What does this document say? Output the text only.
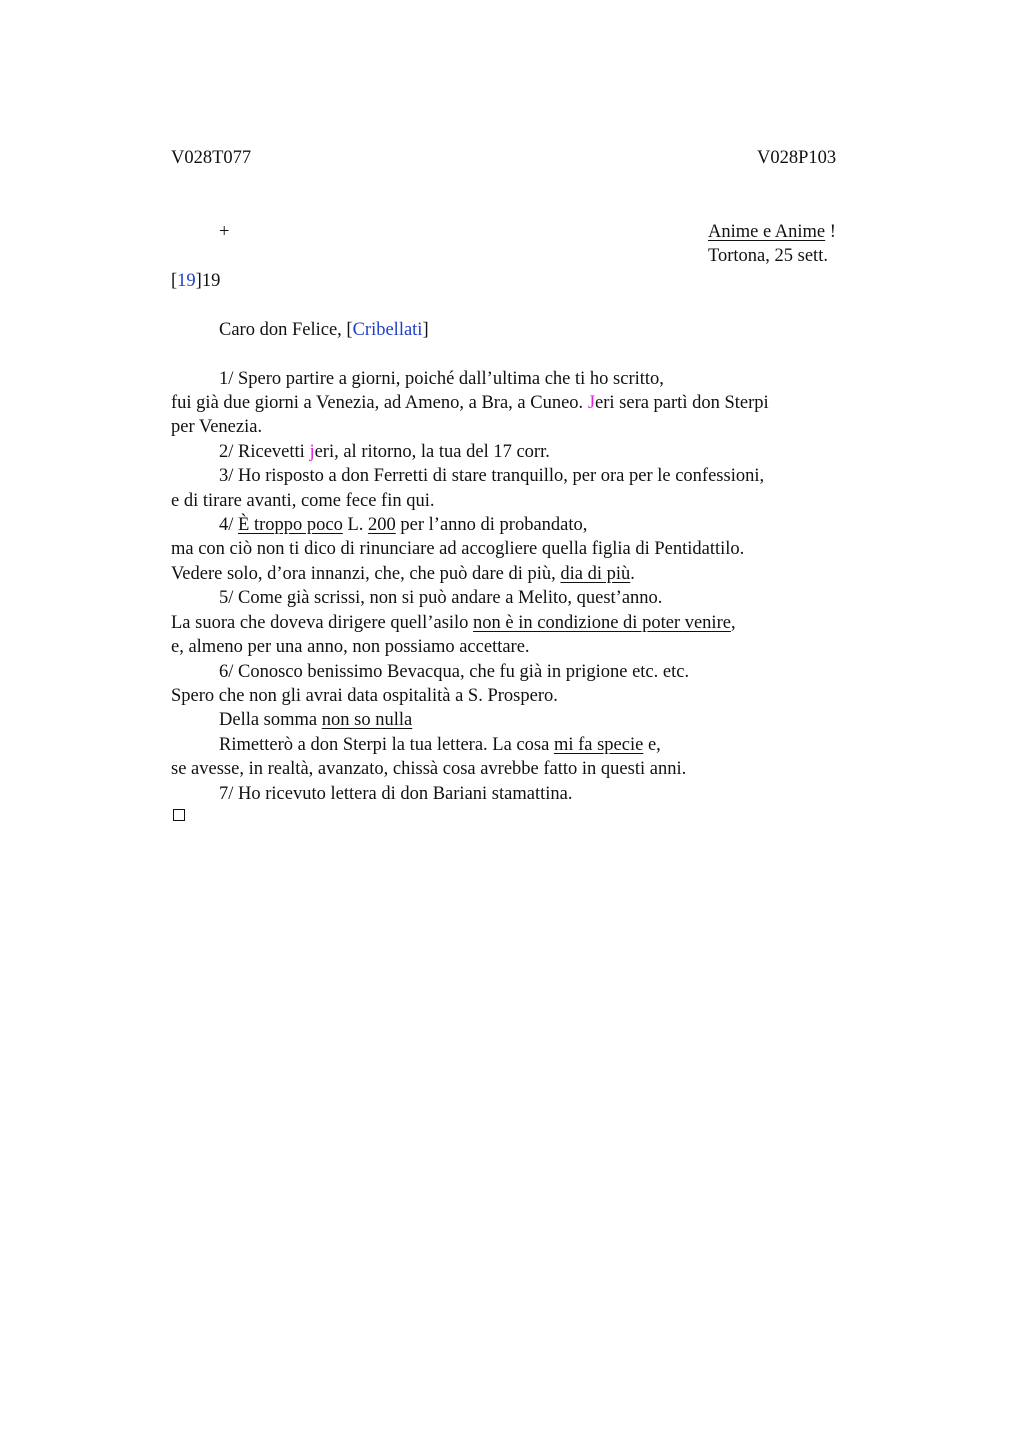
V028T077	V028P103
+	Anime e Anime !
Tortona, 25 sett.
[19]19
Caro don Felice, [Cribellati]
1/ Spero partire a giorni, poiché dall’ultima che ti ho scritto,
fui già due giorni a Venezia, ad Ameno, a Bra, a Cuneo. Jeri sera partì don Sterpi
per Venezia.
2/ Ricevetti jeri, al ritorno, la tua del 17 corr.
3/ Ho risposto a don Ferretti di stare tranquillo, per ora per le confessioni,
e di tirare avanti, come fece fin qui.
4/ È troppo poco L. 200 per l’anno di probandato,
ma con ciò non ti dico di rinunciare ad accogliere quella figlia di Pentidattilo.
Vedere solo, d’ora innanzi, che, che può dare di più, dia di più.
5/ Come già scrissi, non si può andare a Melito, quest’anno.
La suora che doveva dirigere quell’asilo non è in condizione di poter venire,
e, almeno per una anno, non possiamo accettare.
6/ Conosco benissimo Bevacqua, che fu già in prigione etc. etc.
Spero che non gli avrai data ospitalità a S. Prospero.
Della somma non so nulla
Rimetterò a don Sterpi la tua lettera. La cosa mi fa specie e,
se avesse, in realtà, avanzato, chissà cosa avrebbe fatto in questi anni.
7/ Ho ricevuto lettera di don Bariani stamattina.
